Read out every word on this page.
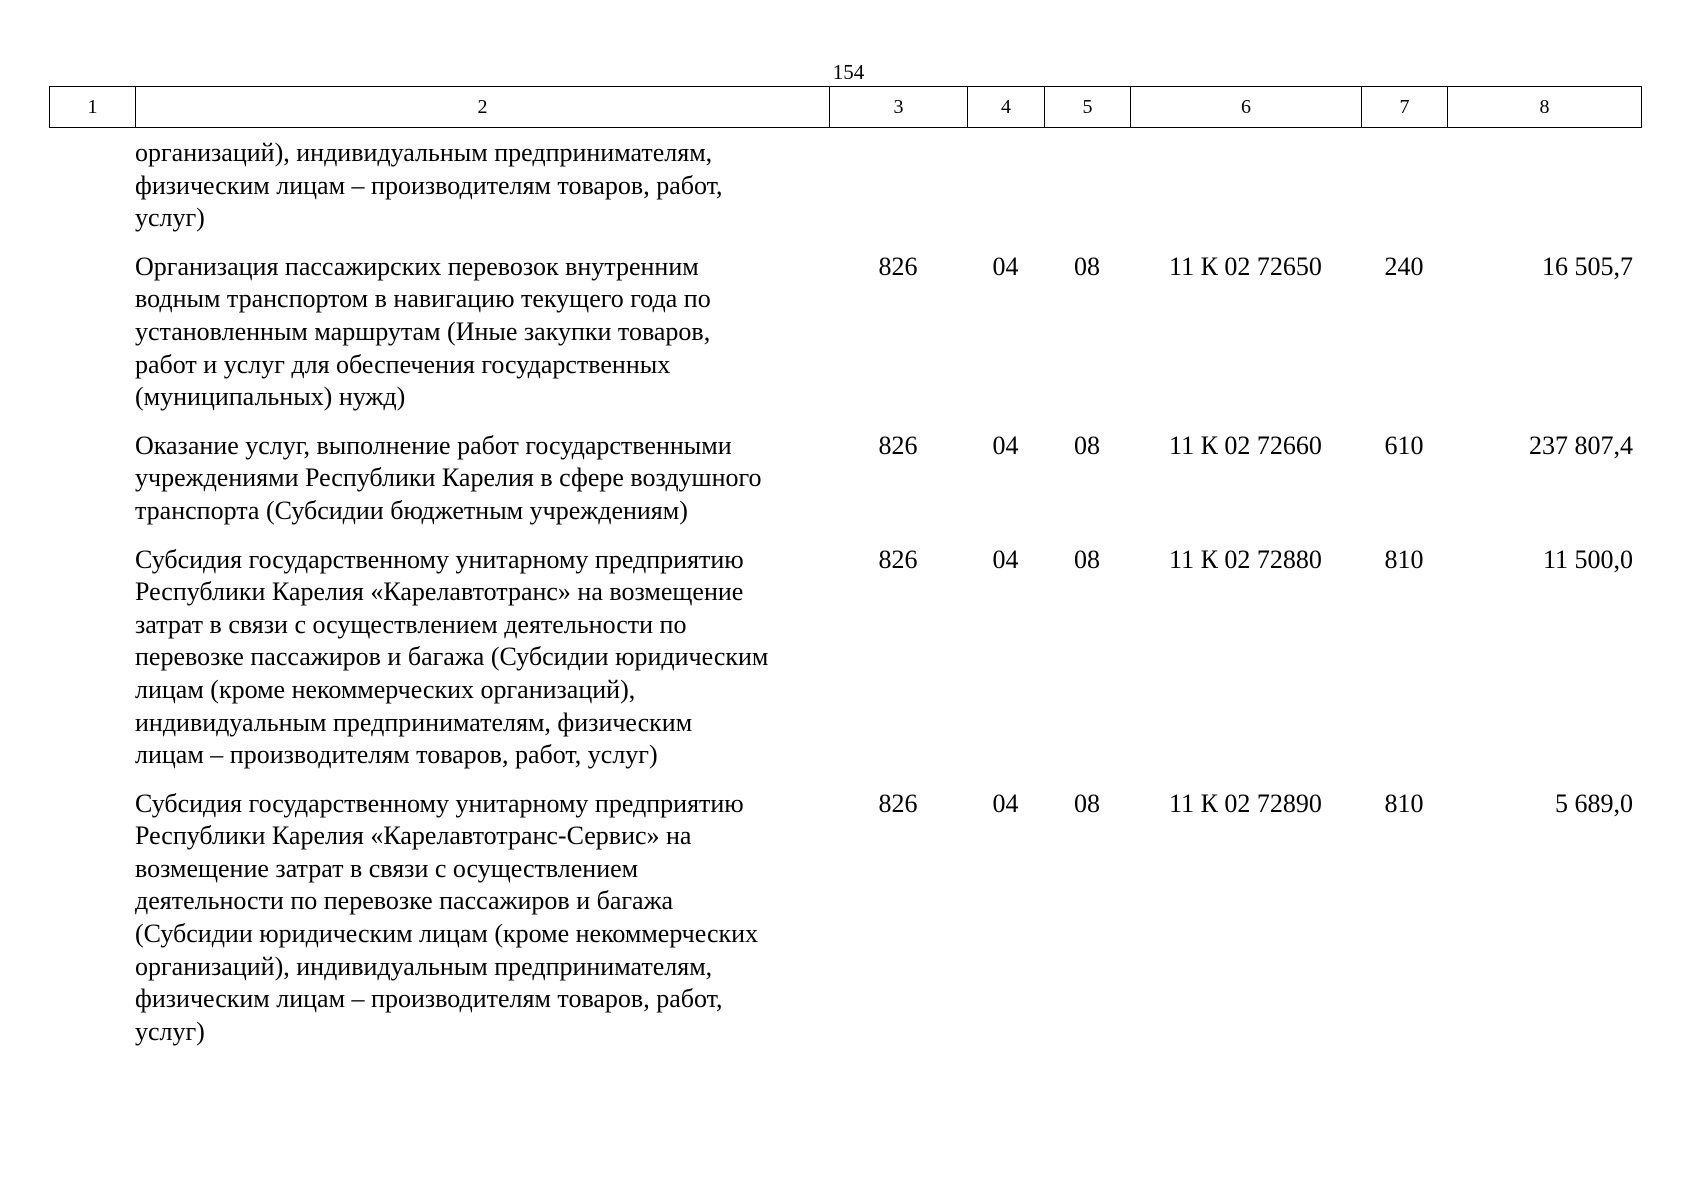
154
1	2	3	4	5	6	7	8
организаций), индивидуальным предпринимателям,
физическим лицам – производителям товаров, работ,
услуг)
Организация пассажирских перевозок внутренним
водным транспортом в навигацию текущего года по
установленным маршрутам (Иные закупки товаров,
работ и услуг для обеспечения государственных
(муниципальных) нужд)
826	04	08	11 К 02 72650	240	16 505,7
Оказание услуг, выполнение работ государственными
учреждениями Республики Карелия в сфере воздушного
транспорта (Субсидии бюджетным учреждениям)
826	04	08	11 К 02 72660	610	237 807,4
Субсидия государственному унитарному предприятию
Республики Карелия «Карелавтотранс» на возмещение
затрат в связи с осуществлением деятельности по
перевозке пассажиров и багажа (Субсидии юридическим
лицам (кроме некоммерческих организаций),
индивидуальным предпринимателям, физическим
лицам – производителям товаров, работ, услуг)
826	04	08	11 К 02 72880	810	11 500,0
Субсидия государственному унитарному предприятию
Республики Карелия «Карелавтотранс-Сервис» на
возмещение затрат в связи с осуществлением
деятельности по перевозке пассажиров и багажа
(Субсидии юридическим лицам (кроме некоммерческих
организаций), индивидуальным предпринимателям,
физическим лицам – производителям товаров, работ,
услуг)
826	04	08	11 К 02 72890	810	5 689,0
